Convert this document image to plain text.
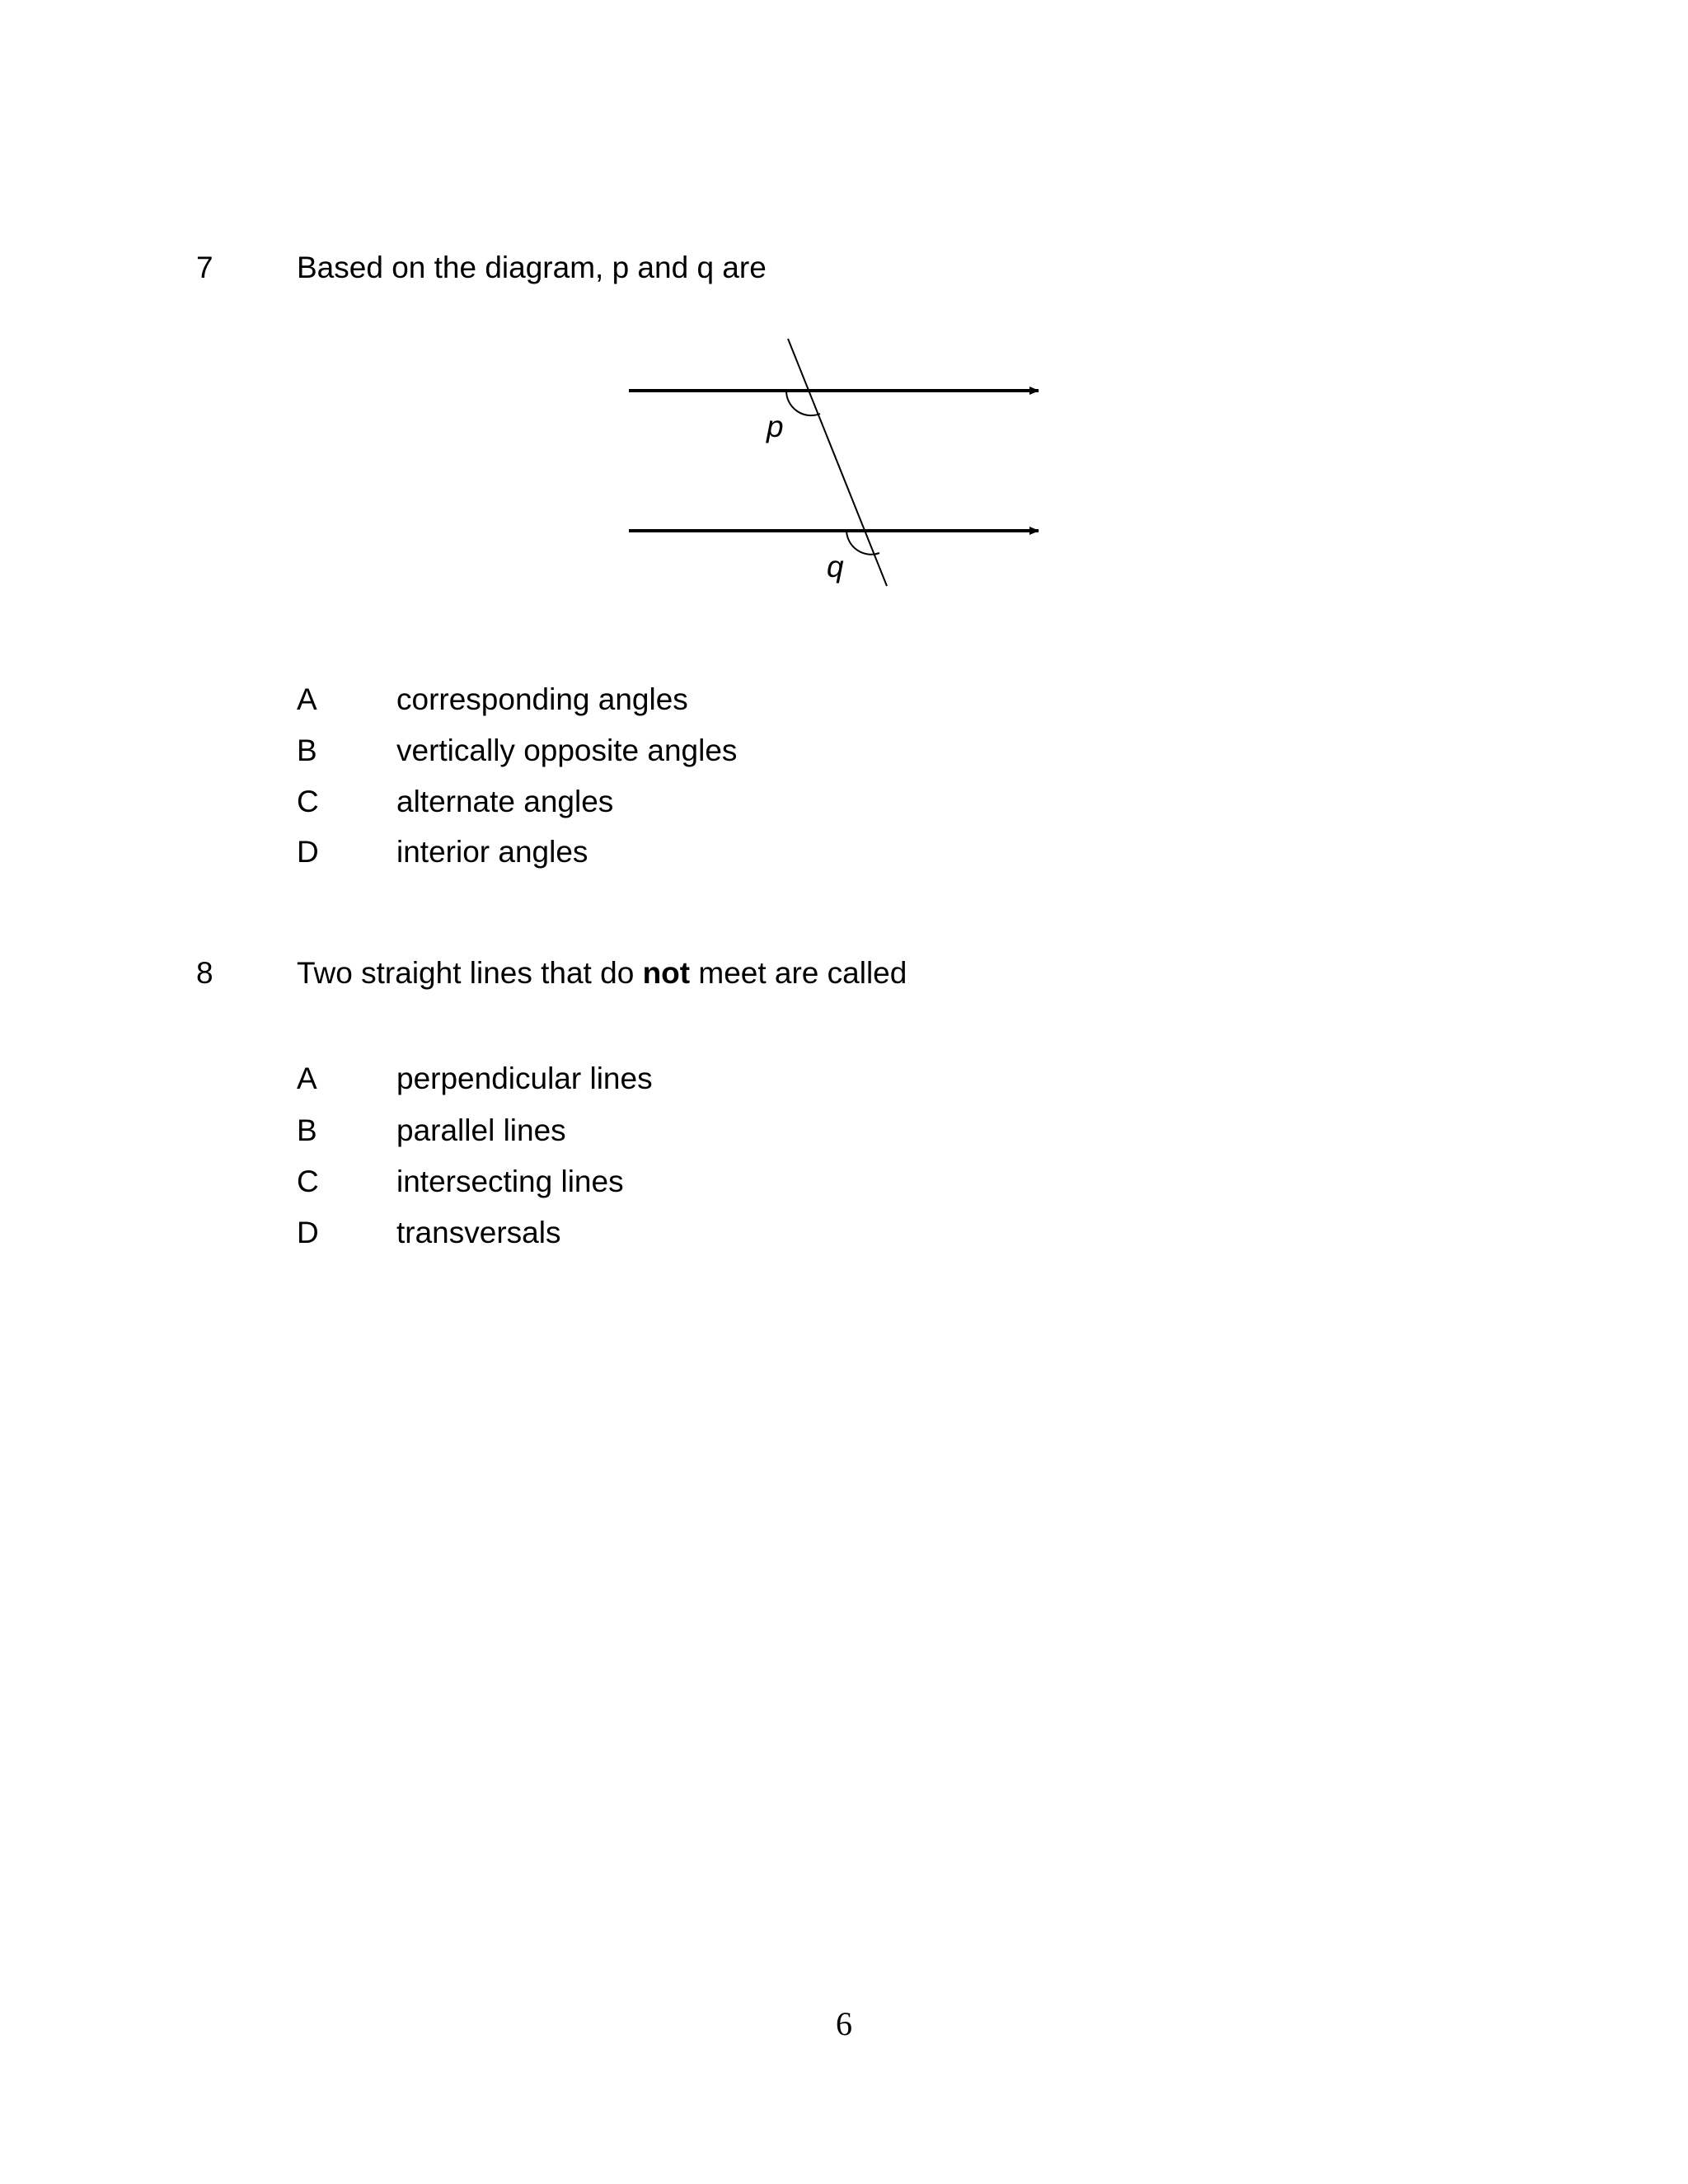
7	Based on the diagram, p and q are
p
q
A	corresponding angles
B	vertically opposite angles
C	alternate angles
D	interior angles
8	Two straight lines that do not meet are called
A	perpendicular lines
B	parallel lines
C	intersecting lines
D	transversals
6
